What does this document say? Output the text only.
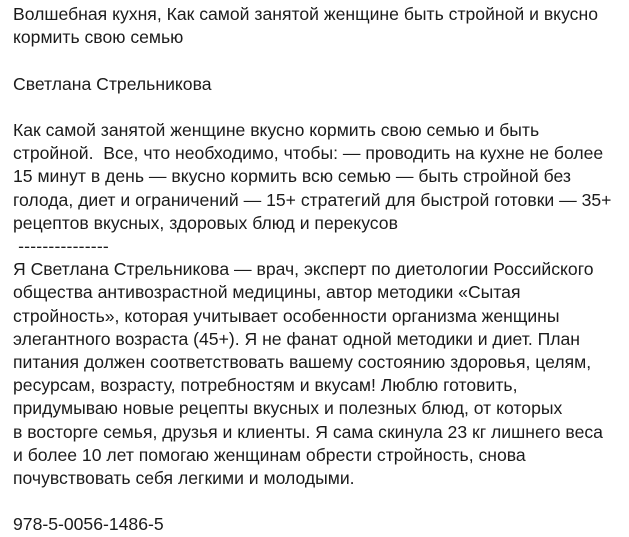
Волшебная кухня, Как самой занятой женщине быть стройной и вкусно
кормить свою семью
Светлана Стрельникова
Как самой занятой женщине вкусно кормить свою семью и быть
стройной.  Все, что необходимо, чтобы: — проводить на кухне не более
15 минут в день — вкусно кормить всю семью — быть стройной без
голода, диет и ограничений — 15+ стратегий для быстрой готовки — 35+
рецептов вкусных, здоровых блюд и перекусов
---------------
Я Светлана Стрельникова — врач, эксперт по диетологии Российского
общества антивозрастной медицины, автор методики «Сытая
стройность», которая учитывает особенности организма женщины
элегантного возраста (45+). Я не фанат одной методики и диет. План
питания должен соответствовать вашему состоянию здоровья, целям,
ресурсам, возрасту, потребностям и вкусам! Люблю готовить,
придумываю новые рецепты вкусных и полезных блюд, от которых
в восторге семья, друзья и клиенты. Я сама скинула 23 кг лишнего веса
и более 10 лет помогаю женщинам обрести стройность, снова
почувствовать себя легкими и молодыми.
978-5-0056-1486-5
